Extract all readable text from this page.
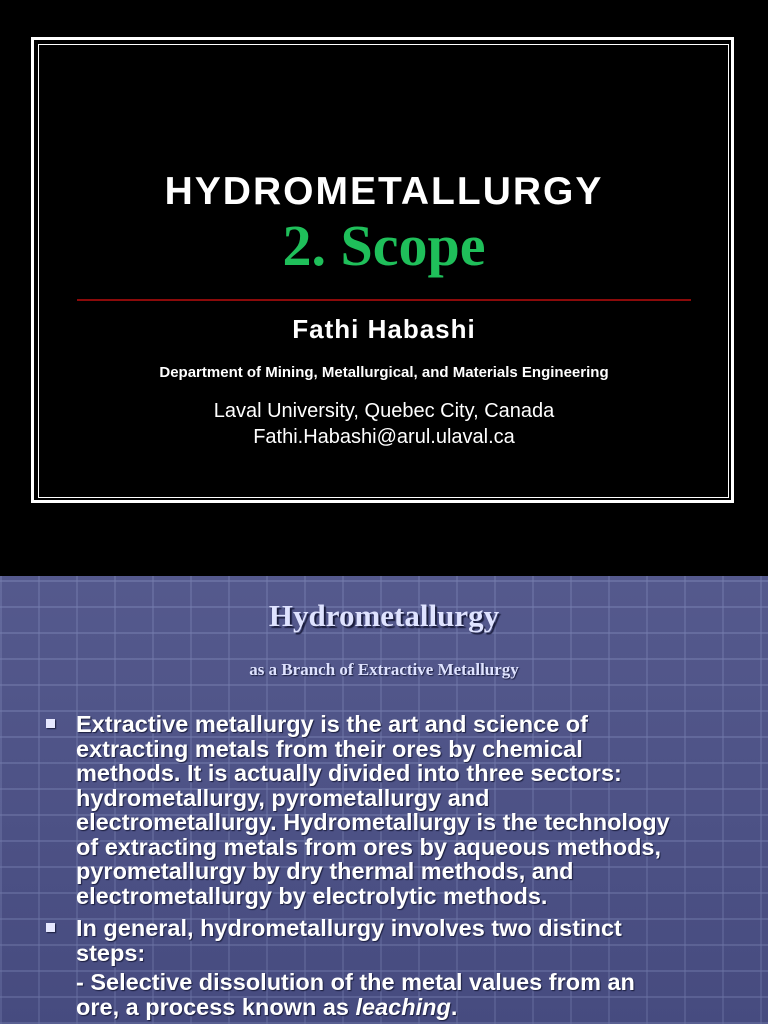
HYDROMETALLURGY
2. Scope
Fathi Habashi
Department of Mining, Metallurgical, and Materials Engineering
Laval University, Quebec City, Canada
Fathi.Habashi@arul.ulaval.ca
Hydrometallurgy
as a Branch of Extractive Metallurgy
Extractive metallurgy is the art and science of
extracting metals from their ores by chemical
methods. It is actually divided into three sectors:
hydrometallurgy, pyrometallurgy and
electrometallurgy. Hydrometallurgy is the technology
of extracting metals from ores by aqueous methods,
pyrometallurgy by dry thermal methods, and
electrometallurgy by electrolytic methods.
In general, hydrometallurgy involves two distinct
steps:
- Selective dissolution of the metal values from an
ore, a process known as leaching.
